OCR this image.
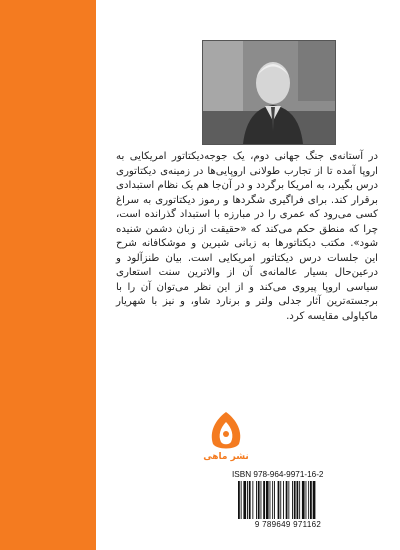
در آستانه‌ی جنگ جهانی دوم، یک جوجه‌دیکتاتور امریکایی به اروپا آمده تا از تجارب طولانی اروپایی‌ها در زمینه‌ی دیکتاتوری درس بگیرد، به امریکا برگردد و در آن‌جا هم یک نظام استبدادی برقرار کند. برای فراگیری شگردها و رموز دیکتاتوری به سراغ کسی می‌رود که عمری را در مبارزه با استبداد گذرانده است، چرا که منطق حکم می‌کند که «حقیقت از زبان دشمن شنیده شود». مکتب دیکتاتورها به زبانی شیرین و موشکافانه شرح این جلسات درس دیکتاتور امریکایی است. بیان طنزآلود و درعین‌حال بسیار عالمانه‌ی آن از والاترین سنت استعاری سیاسی اروپا پیروی می‌کند و از این نظر می‌توان آن را با برجسته‌ترین آثار جدلی ولتر و برنارد شاو، و نیز با شهریار ماکیاولی مقایسه کرد.

نشر ماهی
ISBN 978-964-9971-16-2
9 789649 971162
